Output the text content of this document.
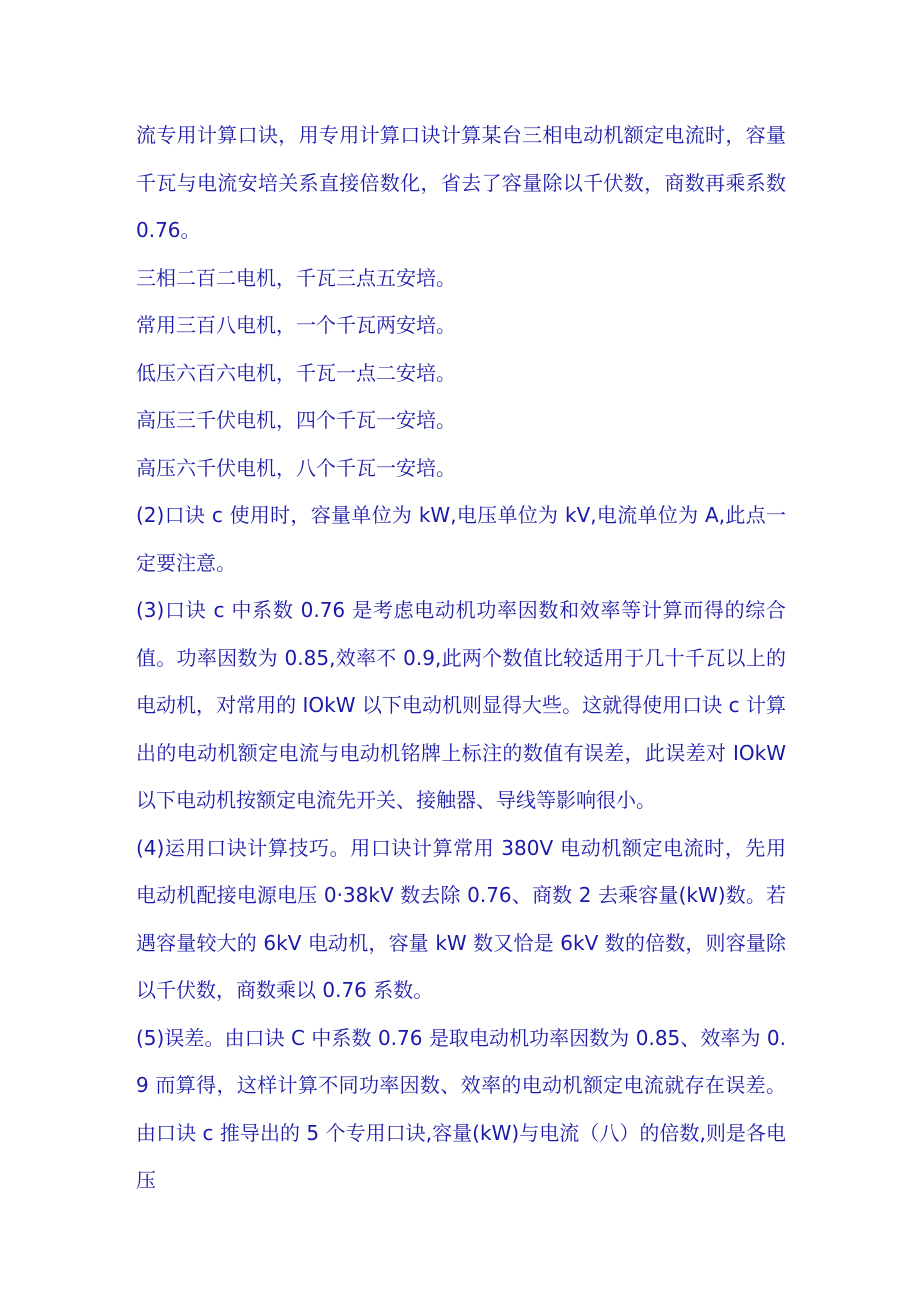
流专用计算口诀，用专用计算口诀计算某台三相电动机额定电流时，容量千瓦与电流安培关系直接倍数化，省去了容量除以千伏数，商数再乘系数0.76。

三相二百二电机，千瓦三点五安培。

常用三百八电机，一个千瓦两安培。

低压六百六电机，千瓦一点二安培。

高压三千伏电机，四个千瓦一安培。

高压六千伏电机，八个千瓦一安培。

(2)口诀 c 使用时，容量单位为 kW,电压单位为 kV,电流单位为 A,此点一定要注意。

(3)口诀 c 中系数 0.76 是考虑电动机功率因数和效率等计算而得的综合值。功率因数为 0.85,效率不 0.9,此两个数值比较适用于几十千瓦以上的电动机，对常用的 IOkW 以下电动机则显得大些。这就得使用口诀 c 计算出的电动机额定电流与电动机铭牌上标注的数值有误差，此误差对 IOkW 以下电动机按额定电流先开关、接触器、导线等影响很小。

(4)运用口诀计算技巧。用口诀计算常用 380V 电动机额定电流时，先用电动机配接电源电压 0·38kV 数去除 0.76、商数 2 去乘容量(kW)数。若遇容量较大的 6kV 电动机，容量 kW 数又恰是 6kV 数的倍数，则容量除以千伏数，商数乘以 0.76 系数。

(5)误差。由口诀 C 中系数 0.76 是取电动机功率因数为 0.85、效率为 0.9 而算得，这样计算不同功率因数、效率的电动机额定电流就存在误差。由口诀 c 推导出的 5 个专用口诀,容量(kW)与电流（八）的倍数,则是各电压
